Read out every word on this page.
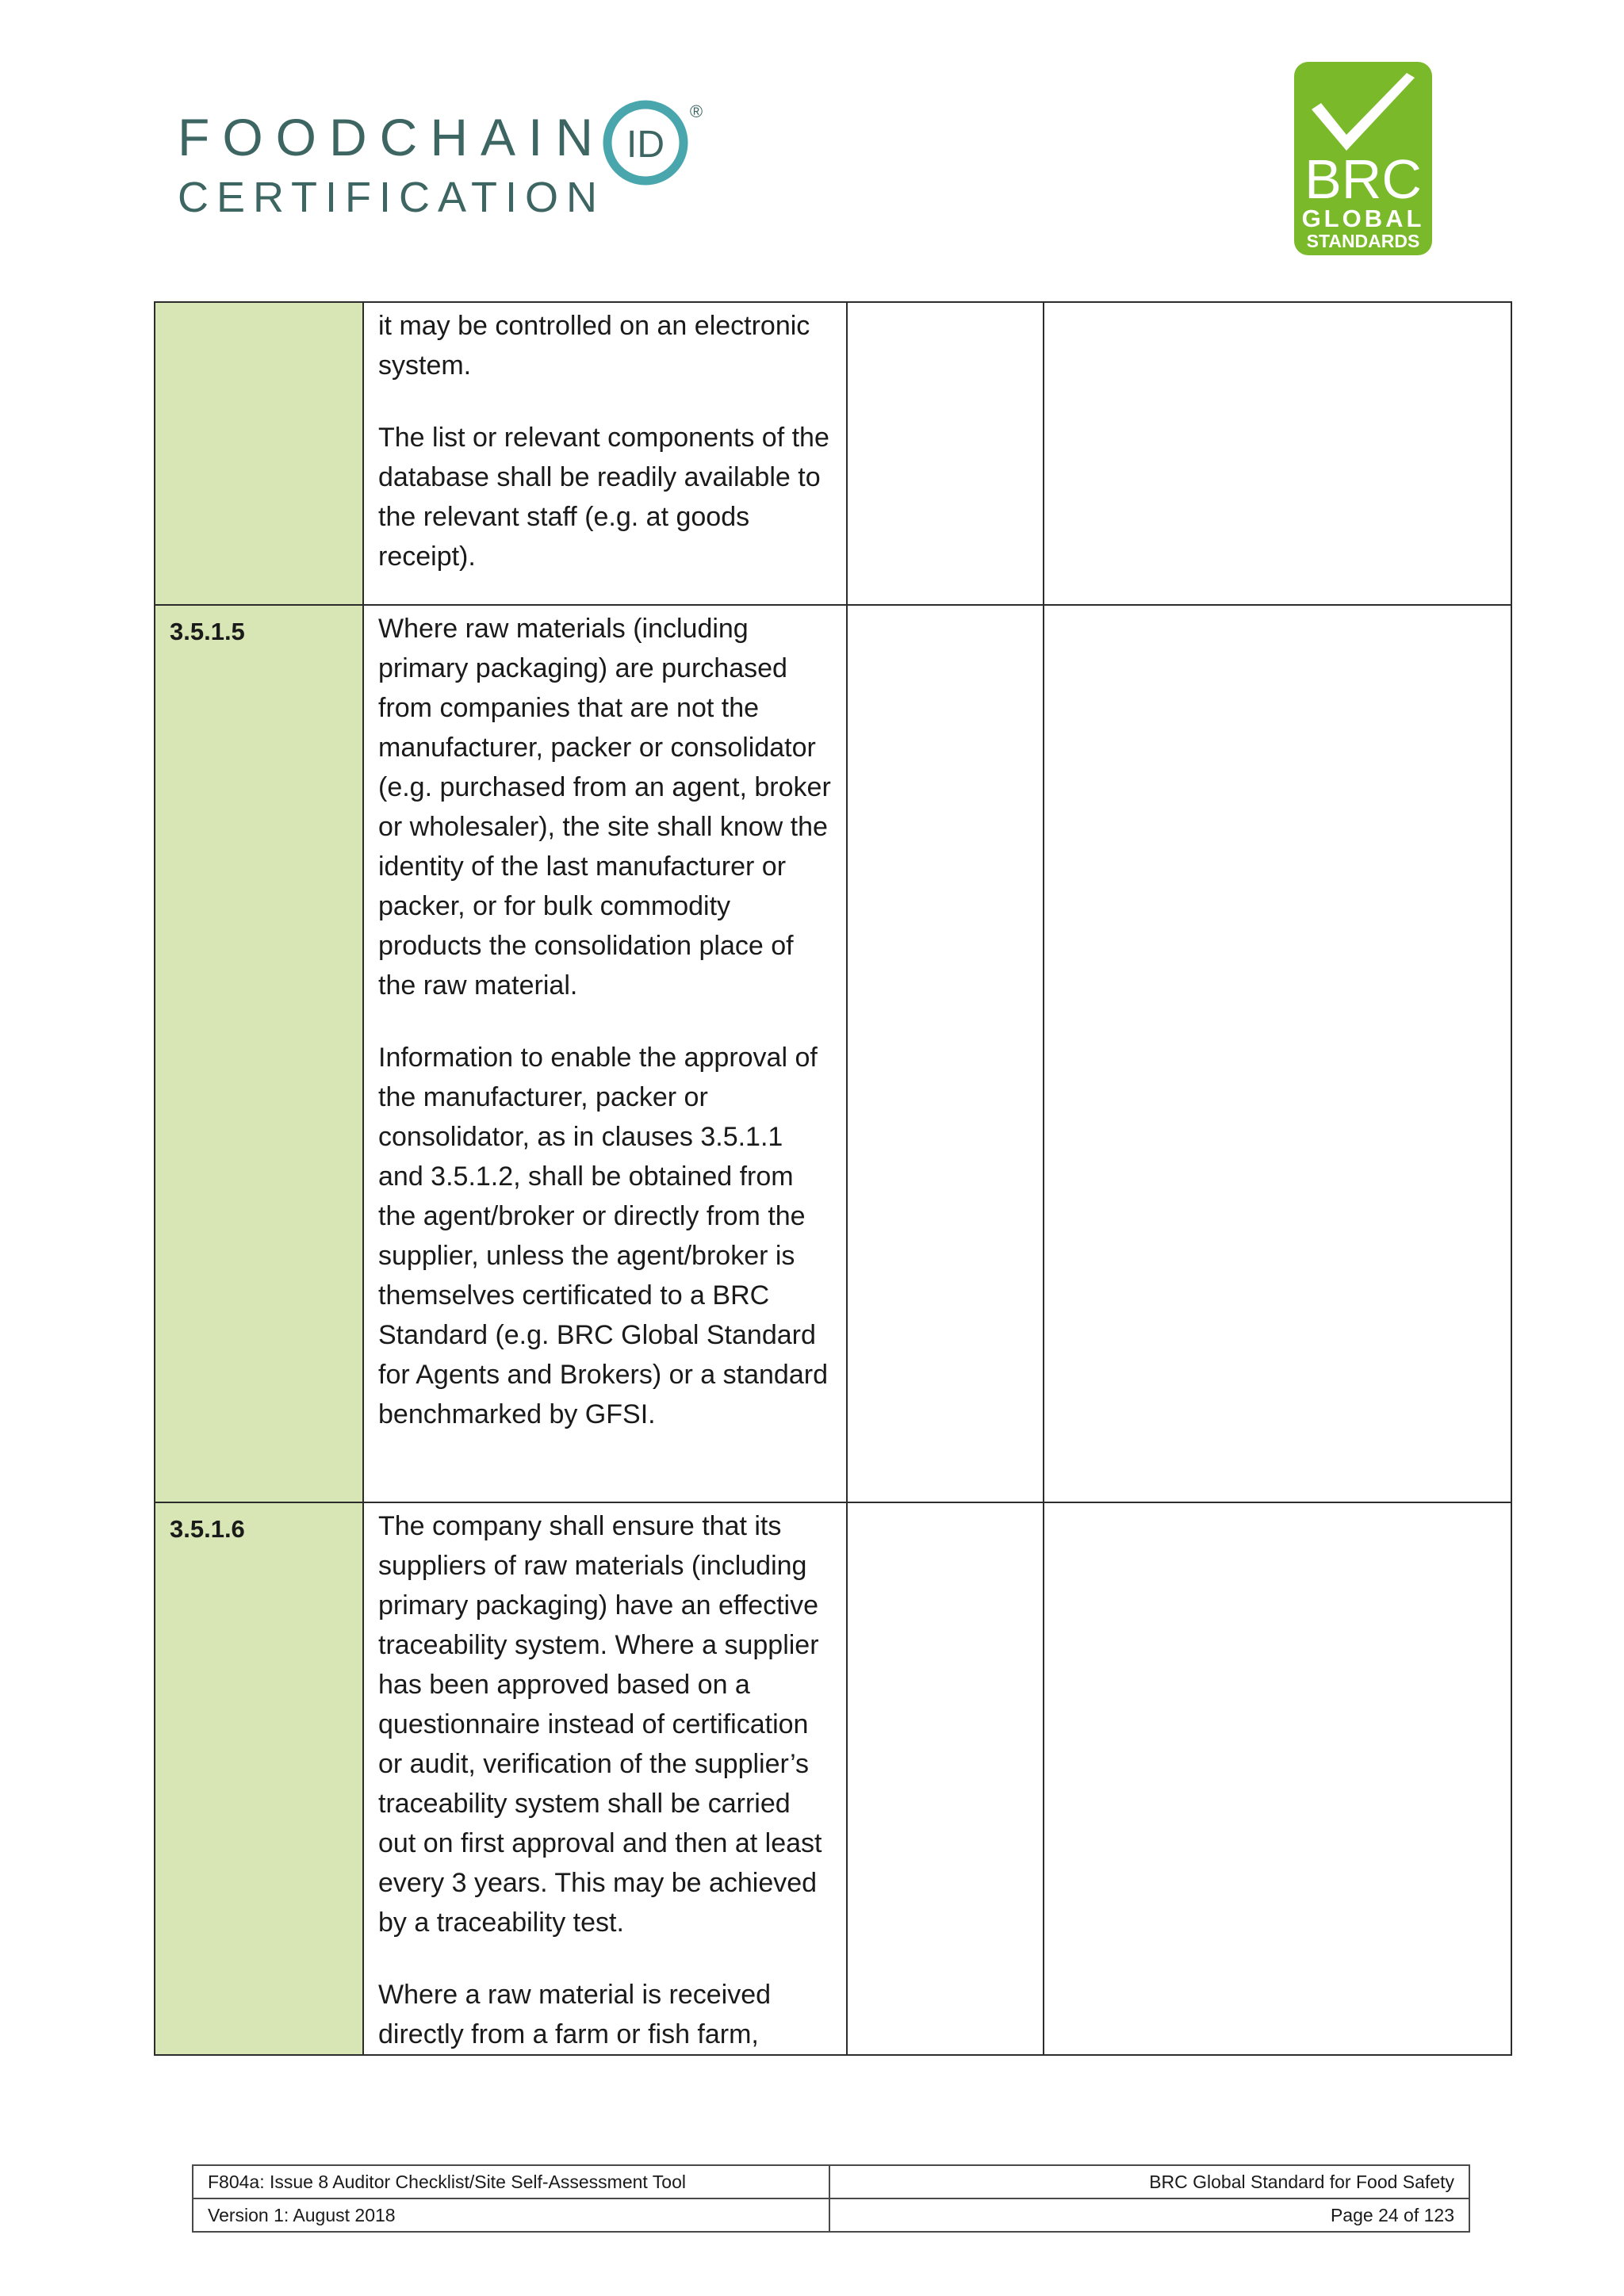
FOODCHAIN ID
®
CERTIFICATION	BRC
GLOBAL
STANDARDS

	it may be controlled on an electronic system.

The list or relevant components of the database shall be readily available to the relevant staff (e.g. at goods receipt).		

3.5.1.5	Where raw materials (including primary packaging) are purchased from companies that are not the manufacturer, packer or consolidator (e.g. purchased from an agent, broker or wholesaler), the site shall know the identity of the last manufacturer or packer, or for bulk commodity products the consolidation place of the raw material.

Information to enable the approval of the manufacturer, packer or consolidator, as in clauses 3.5.1.1 and 3.5.1.2, shall be obtained from the agent/broker or directly from the supplier, unless the agent/broker is themselves certificated to a BRC Standard (e.g. BRC Global Standard for Agents and Brokers) or a standard benchmarked by GFSI.		

3.5.1.6	The company shall ensure that its suppliers of raw materials (including primary packaging) have an effective traceability system. Where a supplier has been approved based on a questionnaire instead of certification or audit, verification of the supplier’s traceability system shall be carried out on first approval and then at least every 3 years. This may be achieved by a traceability test.

Where a raw material is received directly from a farm or fish farm,		

F804a: Issue 8 Auditor Checklist/Site Self-Assessment Tool	BRC Global Standard for Food Safety
Version 1: August 2018	Page 24 of 123
